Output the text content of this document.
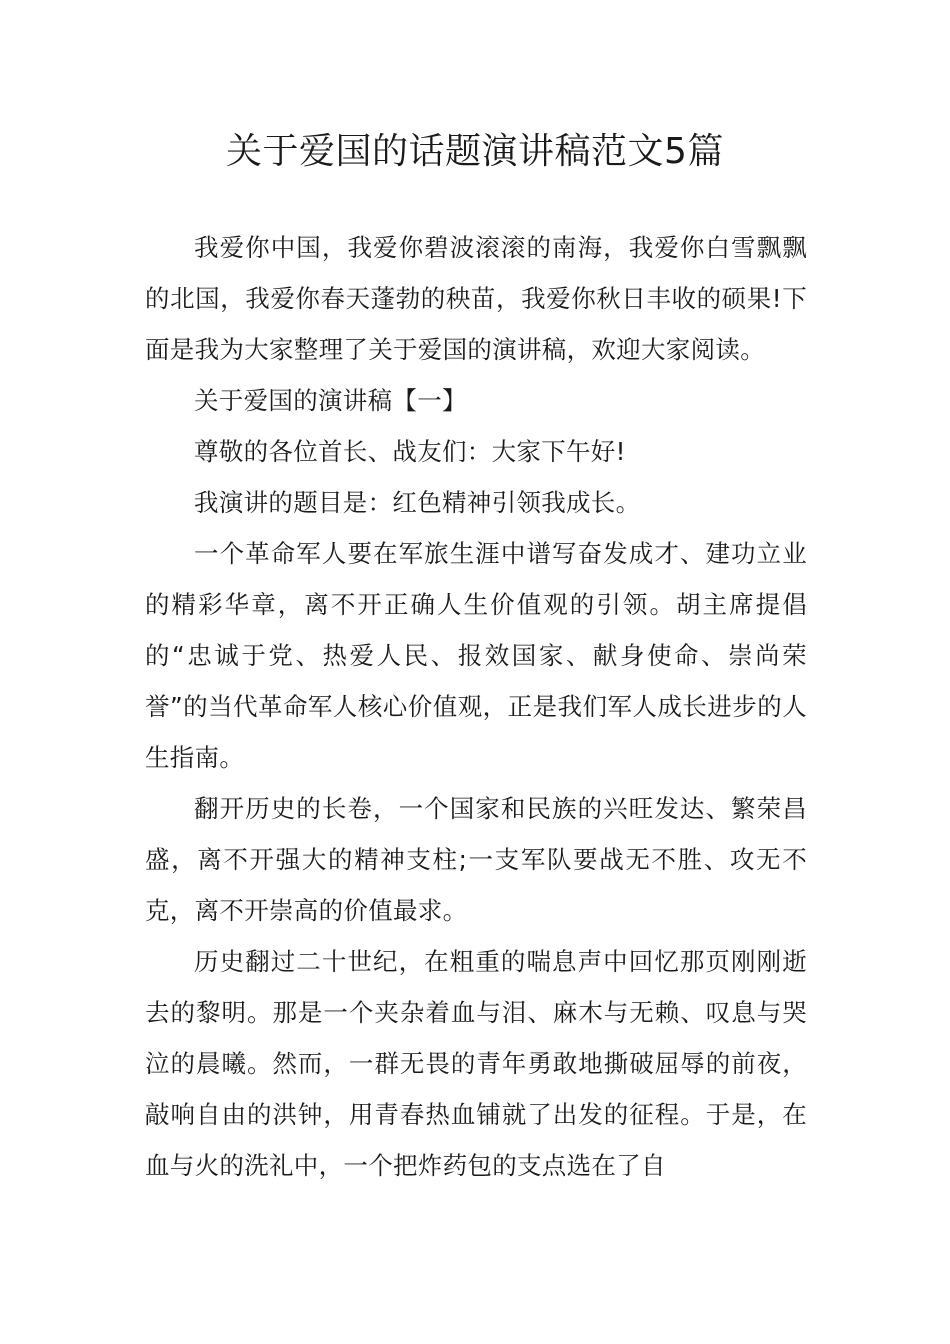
关于爱国的话题演讲稿范文5篇

我爱你中国，我爱你碧波滚滚的南海，我爱你白雪飘飘的北国，我爱你春天蓬勃的秧苗，我爱你秋日丰收的硕果!下面是我为大家整理了关于爱国的演讲稿，欢迎大家阅读。

关于爱国的演讲稿【一】

尊敬的各位首长、战友们：大家下午好!

我演讲的题目是：红色精神引领我成长。

一个革命军人要在军旅生涯中谱写奋发成才、建功立业的精彩华章，离不开正确人生价值观的引领。胡主席提倡的“忠诚于党、热爱人民、报效国家、献身使命、崇尚荣誉”的当代革命军人核心价值观，正是我们军人成长进步的人生指南。

翻开历史的长卷，一个国家和民族的兴旺发达、繁荣昌盛，离不开强大的精神支柱;一支军队要战无不胜、攻无不克，离不开崇高的价值最求。

历史翻过二十世纪，在粗重的喘息声中回忆那页刚刚逝去的黎明。那是一个夹杂着血与泪、麻木与无赖、叹息与哭泣的晨曦。然而，一群无畏的青年勇敢地撕破屈辱的前夜，敲响自由的洪钟，用青春热血铺就了出发的征程。于是，在血与火的洗礼中，一个把炸药包的支点选在了自
